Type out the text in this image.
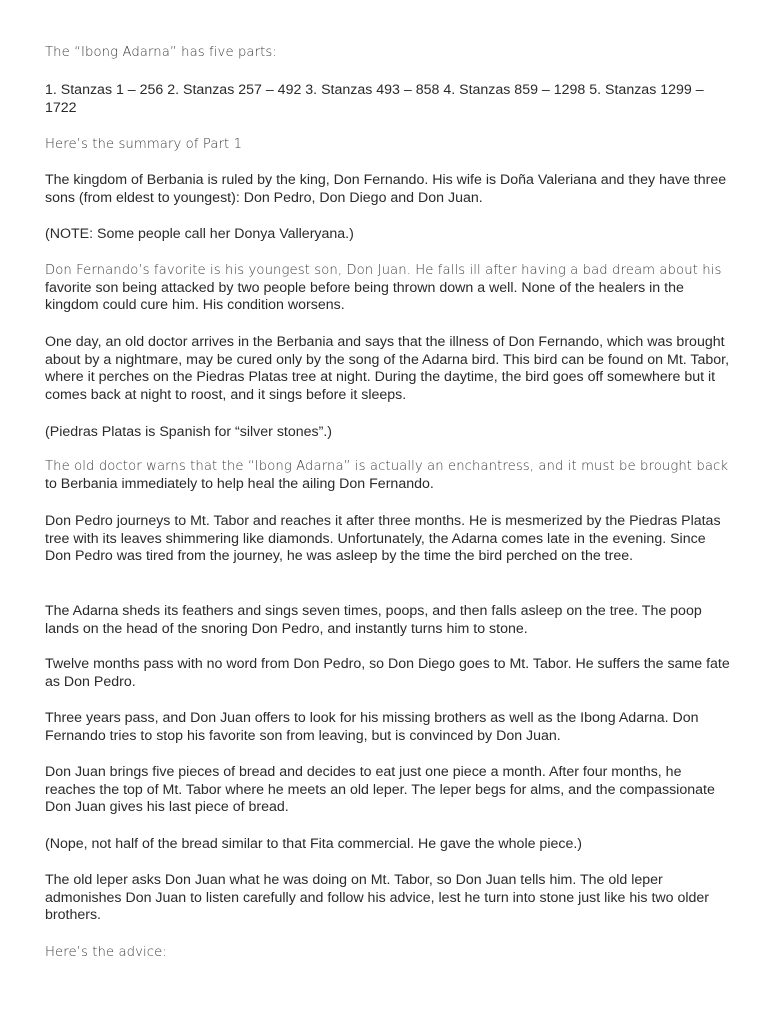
The “Ibong Adarna” has five parts:

1. Stanzas 1 – 256 2. Stanzas 257 – 492 3. Stanzas 493 – 858 4. Stanzas 859 – 1298 5. Stanzas 1299 – 1722

Here’s the summary of Part 1

The kingdom of Berbania is ruled by the king, Don Fernando. His wife is Doña Valeriana and they have three sons (from eldest to youngest): Don Pedro, Don Diego and Don Juan.

(NOTE: Some people call her Donya Valleryana.)

Don Fernando’s favorite is his youngest son, Don Juan. He falls ill after having a bad dream about his favorite son being attacked by two people before being thrown down a well. None of the healers in the kingdom could cure him. His condition worsens.

One day, an old doctor arrives in the Berbania and says that the illness of Don Fernando, which was brought about by a nightmare, may be cured only by the song of the Adarna bird. This bird can be found on Mt. Tabor, where it perches on the Piedras Platas tree at night. During the daytime, the bird goes off somewhere but it comes back at night to roost, and it sings before it sleeps.

(Piedras Platas is Spanish for “silver stones”.)

The old doctor warns that the “Ibong Adarna” is actually an enchantress, and it must be brought back to Berbania immediately to help heal the ailing Don Fernando.

Don Pedro journeys to Mt. Tabor and reaches it after three months. He is mesmerized by the Piedras Platas tree with its leaves shimmering like diamonds. Unfortunately, the Adarna comes late in the evening. Since Don Pedro was tired from the journey, he was asleep by the time the bird perched on the tree.

The Adarna sheds its feathers and sings seven times, poops, and then falls asleep on the tree. The poop lands on the head of the snoring Don Pedro, and instantly turns him to stone.

Twelve months pass with no word from Don Pedro, so Don Diego goes to Mt. Tabor. He suffers the same fate as Don Pedro.

Three years pass, and Don Juan offers to look for his missing brothers as well as the Ibong Adarna. Don Fernando tries to stop his favorite son from leaving, but is convinced by Don Juan.

Don Juan brings five pieces of bread and decides to eat just one piece a month. After four months, he reaches the top of Mt. Tabor where he meets an old leper. The leper begs for alms, and the compassionate Don Juan gives his last piece of bread.

(Nope, not half of the bread similar to that Fita commercial. He gave the whole piece.)

The old leper asks Don Juan what he was doing on Mt. Tabor, so Don Juan tells him. The old leper admonishes Don Juan to listen carefully and follow his advice, lest he turn into stone just like his two older brothers.

Here’s the advice:
